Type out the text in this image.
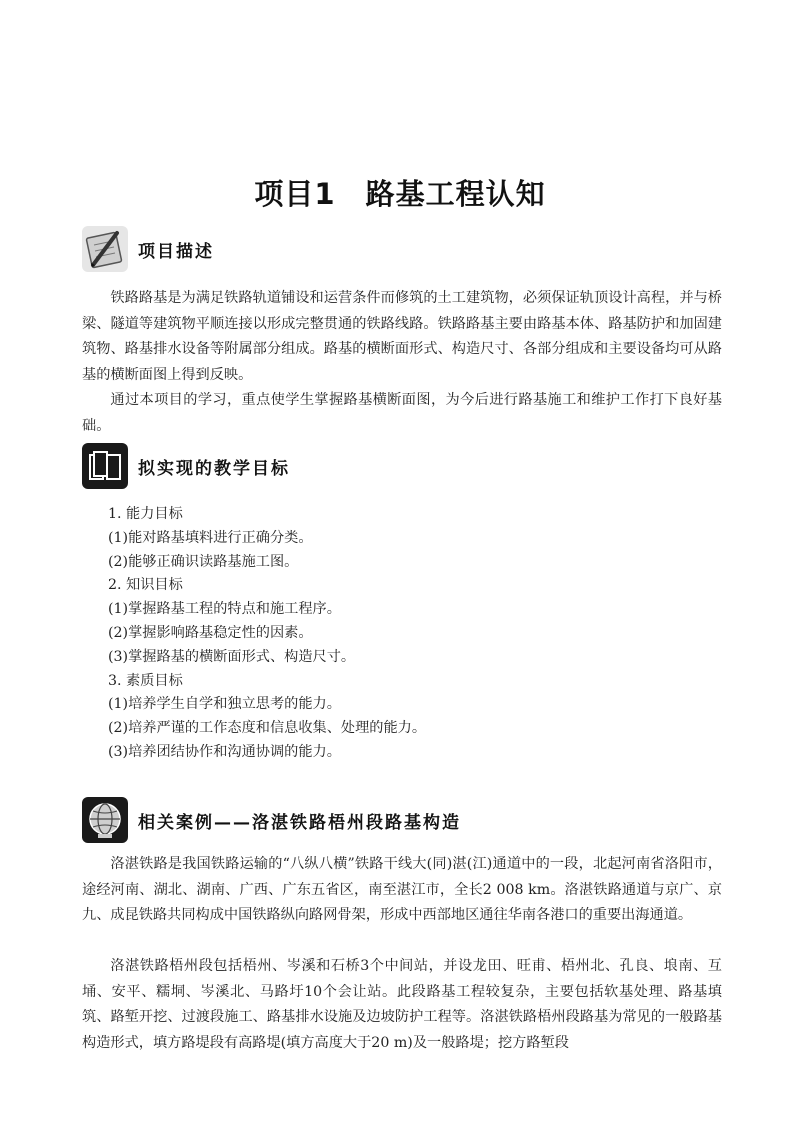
项目1　路基工程认知
项目描述

铁路路基是为满足铁路轨道铺设和运营条件而修筑的土工建筑物，必须保证轨顶设计高程，并与桥梁、隧道等建筑物平顺连接以形成完整贯通的铁路线路。铁路路基主要由路基本体、路基防护和加固建筑物、路基排水设备等附属部分组成。路基的横断面形式、构造尺寸、各部分组成和主要设备均可从路基的横断面图上得到反映。

通过本项目的学习，重点使学生掌握路基横断面图，为今后进行路基施工和维护工作打下良好基础。

拟实现的教学目标
1. 能力目标
(1)能对路基填料进行正确分类。
(2)能够正确识读路基施工图。
2. 知识目标
(1)掌握路基工程的特点和施工程序。
(2)掌握影响路基稳定性的因素。
(3)掌握路基的横断面形式、构造尺寸。
3. 素质目标
(1)培养学生自学和独立思考的能力。
(2)培养严谨的工作态度和信息收集、处理的能力。
(3)培养团结协作和沟通协调的能力。
相关案例——洛湛铁路梧州段路基构造

洛湛铁路是我国铁路运输的“八纵八横”铁路干线大(同)湛(江)通道中的一段，北起河南省洛阳市，途经河南、湖北、湖南、广西、广东五省区，南至湛江市，全长2 008 km。洛湛铁路通道与京广、京九、成昆铁路共同构成中国铁路纵向路网骨架，形成中西部地区通往华南各港口的重要出海通道。

洛湛铁路梧州段包括梧州、岑溪和石桥3个中间站，并设龙田、旺甫、梧州北、孔良、埌南、互埇、安平、糯垌、岑溪北、马路圩10个会让站。此段路基工程较复杂，主要包括软基处理、路基填筑、路堑开挖、过渡段施工、路基排水设施及边坡防护工程等。洛湛铁路梧州段路基为常见的一般路基构造形式，填方路堤段有高路堤(填方高度大于20 m)及一般路堤；挖方路堑段
